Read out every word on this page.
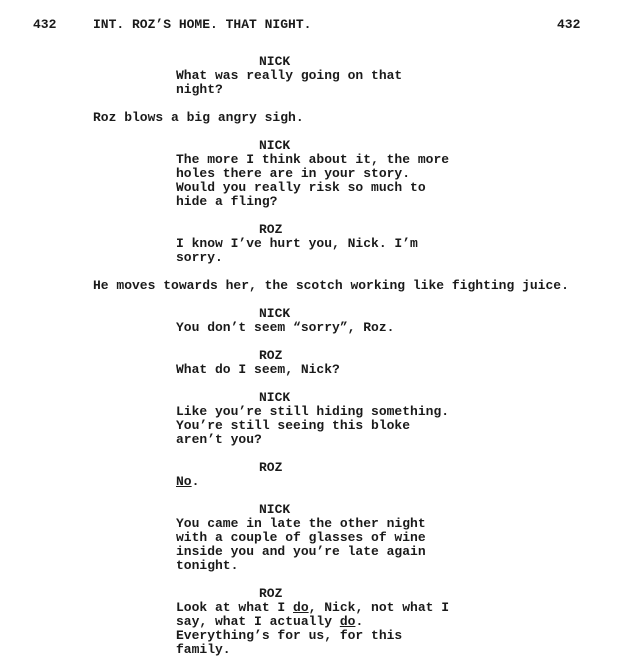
432	INT. ROZ’S HOME. THAT NIGHT.	432
NICK
What was really going on that
night?
Roz blows a big angry sigh.
NICK
The more I think about it, the more
holes there are in your story.
Would you really risk so much to
hide a fling?
ROZ
I know I’ve hurt you, Nick. I’m
sorry.
He moves towards her, the scotch working like fighting juice.
NICK
You don’t seem “sorry”, Roz.
ROZ
What do I seem, Nick?
NICK
Like you’re still hiding something.
You’re still seeing this bloke
aren’t you?
ROZ
No.
NICK
You came in late the other night
with a couple of glasses of wine
inside you and you’re late again
tonight.
ROZ
Look at what I do, Nick, not what I
say, what I actually do.
Everything’s for us, for this
family.
